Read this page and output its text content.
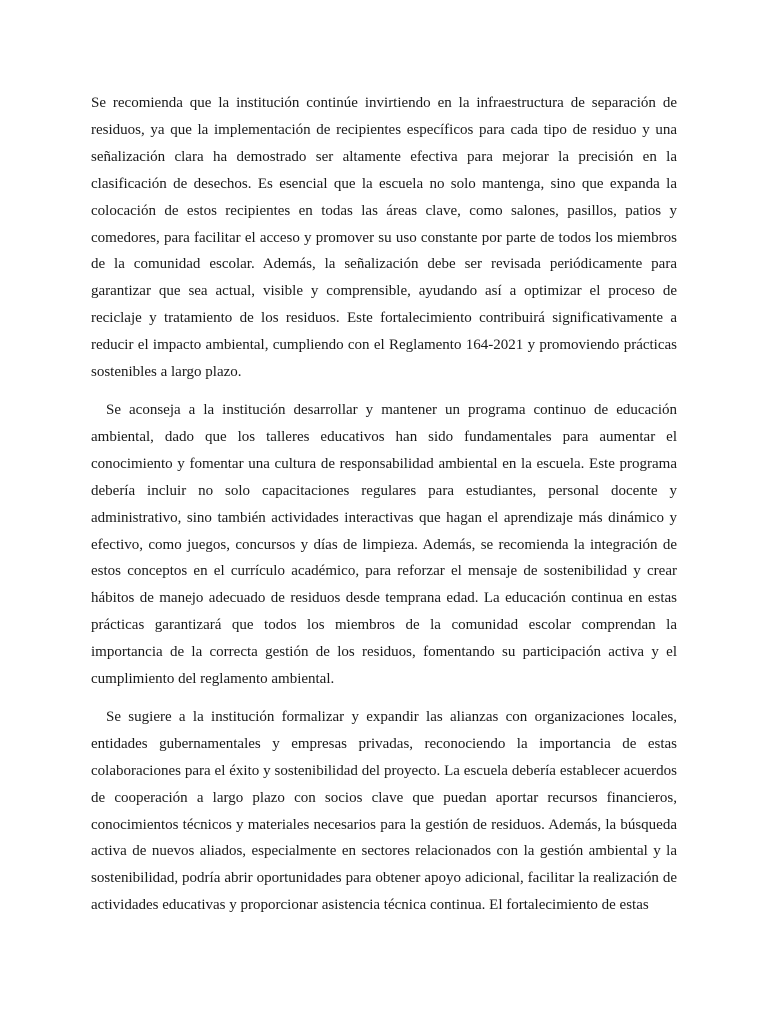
Se recomienda que la institución continúe invirtiendo en la infraestructura de separación de residuos, ya que la implementación de recipientes específicos para cada tipo de residuo y una señalización clara ha demostrado ser altamente efectiva para mejorar la precisión en la clasificación de desechos. Es esencial que la escuela no solo mantenga, sino que expanda la colocación de estos recipientes en todas las áreas clave, como salones, pasillos, patios y comedores, para facilitar el acceso y promover su uso constante por parte de todos los miembros de la comunidad escolar. Además, la señalización debe ser revisada periódicamente para garantizar que sea actual, visible y comprensible, ayudando así a optimizar el proceso de reciclaje y tratamiento de los residuos. Este fortalecimiento contribuirá significativamente a reducir el impacto ambiental, cumpliendo con el Reglamento 164-2021 y promoviendo prácticas sostenibles a largo plazo.

Se aconseja a la institución desarrollar y mantener un programa continuo de educación ambiental, dado que los talleres educativos han sido fundamentales para aumentar el conocimiento y fomentar una cultura de responsabilidad ambiental en la escuela. Este programa debería incluir no solo capacitaciones regulares para estudiantes, personal docente y administrativo, sino también actividades interactivas que hagan el aprendizaje más dinámico y efectivo, como juegos, concursos y días de limpieza. Además, se recomienda la integración de estos conceptos en el currículo académico, para reforzar el mensaje de sostenibilidad y crear hábitos de manejo adecuado de residuos desde temprana edad. La educación continua en estas prácticas garantizará que todos los miembros de la comunidad escolar comprendan la importancia de la correcta gestión de los residuos, fomentando su participación activa y el cumplimiento del reglamento ambiental.

Se sugiere a la institución formalizar y expandir las alianzas con organizaciones locales, entidades gubernamentales y empresas privadas, reconociendo la importancia de estas colaboraciones para el éxito y sostenibilidad del proyecto. La escuela debería establecer acuerdos de cooperación a largo plazo con socios clave que puedan aportar recursos financieros, conocimientos técnicos y materiales necesarios para la gestión de residuos. Además, la búsqueda activa de nuevos aliados, especialmente en sectores relacionados con la gestión ambiental y la sostenibilidad, podría abrir oportunidades para obtener apoyo adicional, facilitar la realización de actividades educativas y proporcionar asistencia técnica continua. El fortalecimiento de estas
